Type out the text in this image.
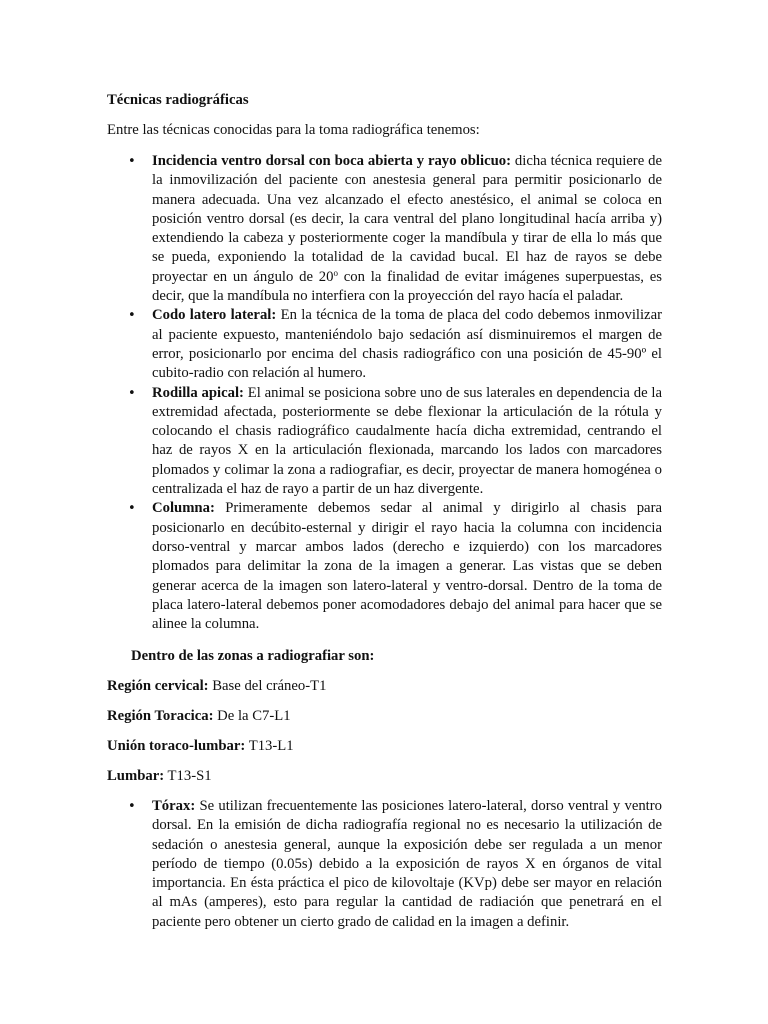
Técnicas radiográficas

Entre las técnicas conocidas para la toma radiográfica tenemos:

• Incidencia ventro dorsal con boca abierta y rayo oblicuo: dicha técnica requiere de la inmovilización del paciente con anestesia general para permitir posicionarlo de manera adecuada. Una vez alcanzado el efecto anestésico, el animal se coloca en posición ventro dorsal (es decir, la cara ventral del plano longitudinal hacía arriba y) extendiendo la cabeza y posteriormente coger la mandíbula y tirar de ella lo más que se pueda, exponiendo la totalidad de la cavidad bucal. El haz de rayos se debe proyectar en un ángulo de 20$^o$ con la finalidad de evitar imágenes superpuestas, es decir, que la mandíbula no interfiera con la proyección del rayo hacía el paladar.
• Codo latero lateral: En la técnica de la toma de placa del codo debemos inmovilizar al paciente expuesto, manteniéndolo bajo sedación así disminuiremos el margen de error, posicionarlo por encima del chasis radiográfico con una posición de 45-90º el cubito-radio con relación al humero.
• Rodilla apical: El animal se posiciona sobre uno de sus laterales en dependencia de la extremidad afectada, posteriormente se debe flexionar la articulación de la rótula y colocando el chasis radiográfico caudalmente hacía dicha extremidad, centrando el haz de rayos X en la articulación flexionada, marcando los lados con marcadores plomados y colimar la zona a radiografiar, es decir, proyectar de manera homogénea o centralizada el haz de rayo a partir de un haz divergente.
• Columna: Primeramente debemos sedar al animal y dirigirlo al chasis para posicionarlo en decúbito-esternal y dirigir el rayo hacia la columna con incidencia dorso-ventral y marcar ambos lados (derecho e izquierdo) con los marcadores plomados para delimitar la zona de la imagen a generar. Las vistas que se deben generar acerca de la imagen son latero-lateral y ventro-dorsal. Dentro de la toma de placa latero-lateral debemos poner acomodadores debajo del animal para hacer que se alinee la columna.

Dentro de las zonas a radiografiar son:

Región cervical: Base del cráneo-T1

Región Toracica: De la C7-L1

Unión toraco-lumbar: T13-L1

Lumbar: T13-S1

• Tórax: Se utilizan frecuentemente las posiciones latero-lateral, dorso ventral y ventro dorsal. En la emisión de dicha radiografía regional no es necesario la utilización de sedación o anestesia general, aunque la exposición debe ser regulada a un menor período de tiempo (0.05s) debido a la exposición de rayos X en órganos de vital importancia. En ésta práctica el pico de kilovoltaje (KVp) debe ser mayor en relación al mAs (amperes), esto para regular la cantidad de radiación que penetrará en el paciente pero obtener un cierto grado de calidad en la imagen a definir.
